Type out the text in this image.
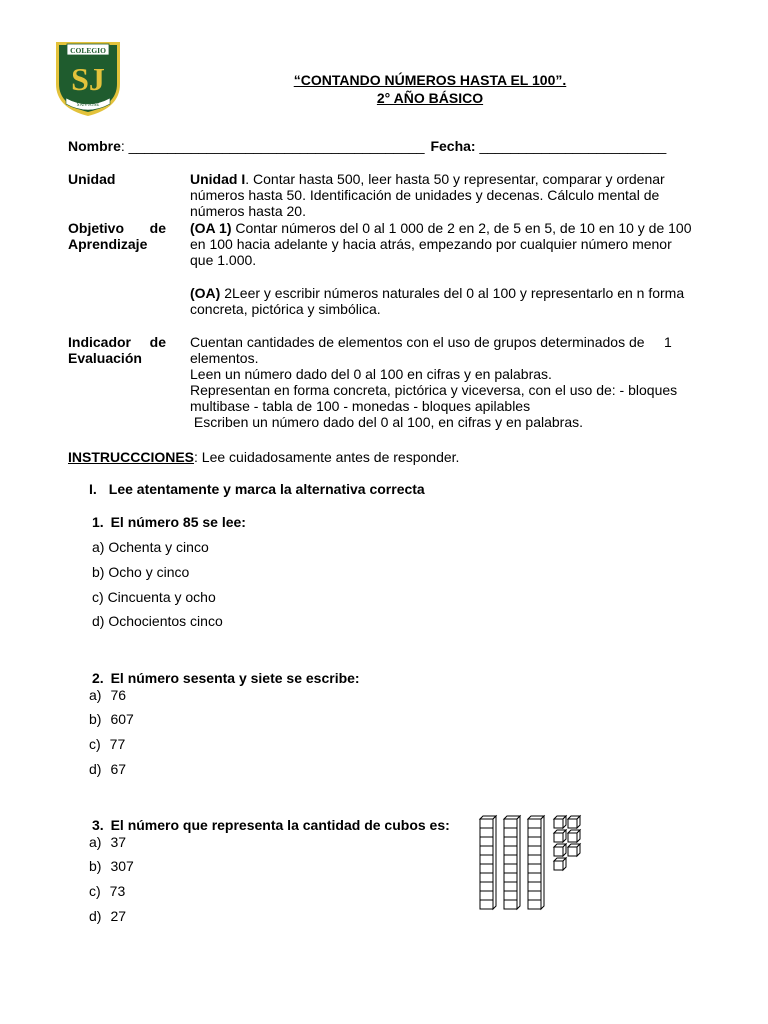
COLEGIO
SJ
SAN JOSÉ
“CONTANDO NÚMEROS HASTA EL 100”.
2° AÑO BÁSICO
Nombre: ______________________________________ Fecha: ________________________
Unidad	Unidad I. Contar hasta 500, leer hasta 50 y representar, comparar y ordenar
números hasta 50. Identificación de unidades y decenas. Cálculo mental de
números hasta 20.
Objetivo de
Aprendizaje
(OA 1) Contar números del 0 al 1 000 de 2 en 2, de 5 en 5, de 10 en 10 y de 100
en 100 hacia adelante y hacia atrás, empezando por cualquier número menor
que 1.000.
(OA) 2Leer y escribir números naturales del 0 al 100 y representarlo en n forma
concreta, pictórica y simbólica.
Indicador de
Evaluación
Cuentan cantidades de elementos con el uso de grupos determinados de     1
elementos.
Leen un número dado del 0 al 100 en cifras y en palabras.
Representan en forma concreta, pictórica y viceversa, con el uso de: - bloques
multibase - tabla de 100 - monedas - bloques apilables
Escriben un número dado del 0 al 100, en cifras y en palabras.
INSTRUCCCIONES: Lee cuidadosamente antes de responder.
I. Lee atentamente y marca la alternativa correcta
1. El número 85 se lee:
a) Ochenta y cinco
b) Ocho y cinco
c) Cincuenta y ocho
d) Ochocientos cinco
2. El número sesenta y siete se escribe:
a) 76
b) 607
c) 77
d) 67
3. El número que representa la cantidad de cubos es:
a) 37
b) 307
c) 73
d) 27
